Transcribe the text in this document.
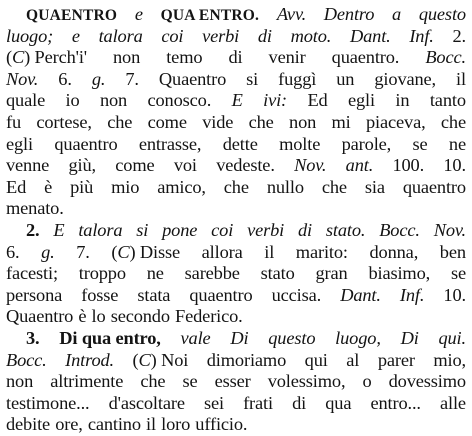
QUAENTRO e QUA ENTRO. Avv. Dentro a questo
luogo; e talora coi verbi di moto. Dant. Inf. 2.
(C) Perch'i' non temo di venir quaentro. Bocc.
Nov. 6. g. 7. Quaentro si fuggì un giovane, il
quale io non conosco. E ivi: Ed egli in tanto
fu cortese, che come vide che non mi piaceva, che
egli quaentro entrasse, dette molte parole, se ne
venne giù, come voi vedeste. Nov. ant. 100. 10.
Ed è più mio amico, che nullo che sia quaentro
menato.
2. E talora si pone coi verbi di stato. Bocc. Nov.
6. g. 7. (C) Disse allora il marito: donna, ben
facesti; troppo ne sarebbe stato gran biasimo, se
persona fosse stata quaentro uccisa. Dant. Inf. 10.
Quaentro è lo secondo Federico.
3. Di qua entro, vale Di questo luogo, Di qui.
Bocc. Introd. (C) Noi dimoriamo qui al parer mio,
non altrimente che se esser volessimo, o dovessimo
testimone... d'ascoltare sei frati di qua entro... alle
debite ore, cantino il loro ufficio.
